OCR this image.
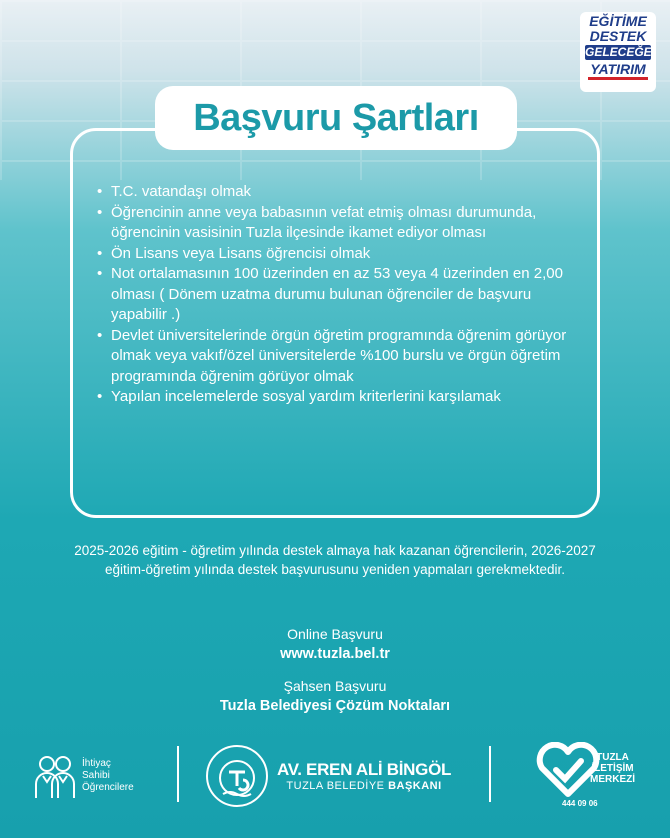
EĞİTİME
DESTEK
GELECEĞE
YATIRIM
Başvuru Şartları
• T.C. vatandaşı olmak
• Öğrencinin anne veya babasının vefat etmiş olması durumunda, öğrencinin vasisinin Tuzla ilçesinde ikamet ediyor olması
• Ön Lisans veya Lisans öğrencisi olmak
• Not ortalamasının 100 üzerinden en az 53 veya 4 üzerinden en 2,00 olması ( Dönem uzatma durumu bulunan öğrenciler de başvuru yapabilir .)
• Devlet üniversitelerinde örgün öğretim programında öğrenim görüyor olmak veya vakıf/özel üniversitelerde %100 burslu ve örgün öğretim programında öğrenim görüyor olmak
• Yapılan incelemelerde sosyal yardım kriterlerini karşılamak
2025-2026 eğitim - öğretim yılında destek almaya hak kazanan öğrencilerin, 2026-2027 eğitim-öğretim yılında destek başvurusunu yeniden yapmaları gerekmektedir.
Online Başvuru
www.tuzla.bel.tr
Şahsen Başvuru
Tuzla Belediyesi Çözüm Noktaları
İhtiyaç
Sahibi
Öğrencilere
AV. EREN ALİ BİNGÖL
TUZLA BELEDİYE BAŞKANI
TUZLA
İLETİŞİM
MERKEZİ
444 09 06
